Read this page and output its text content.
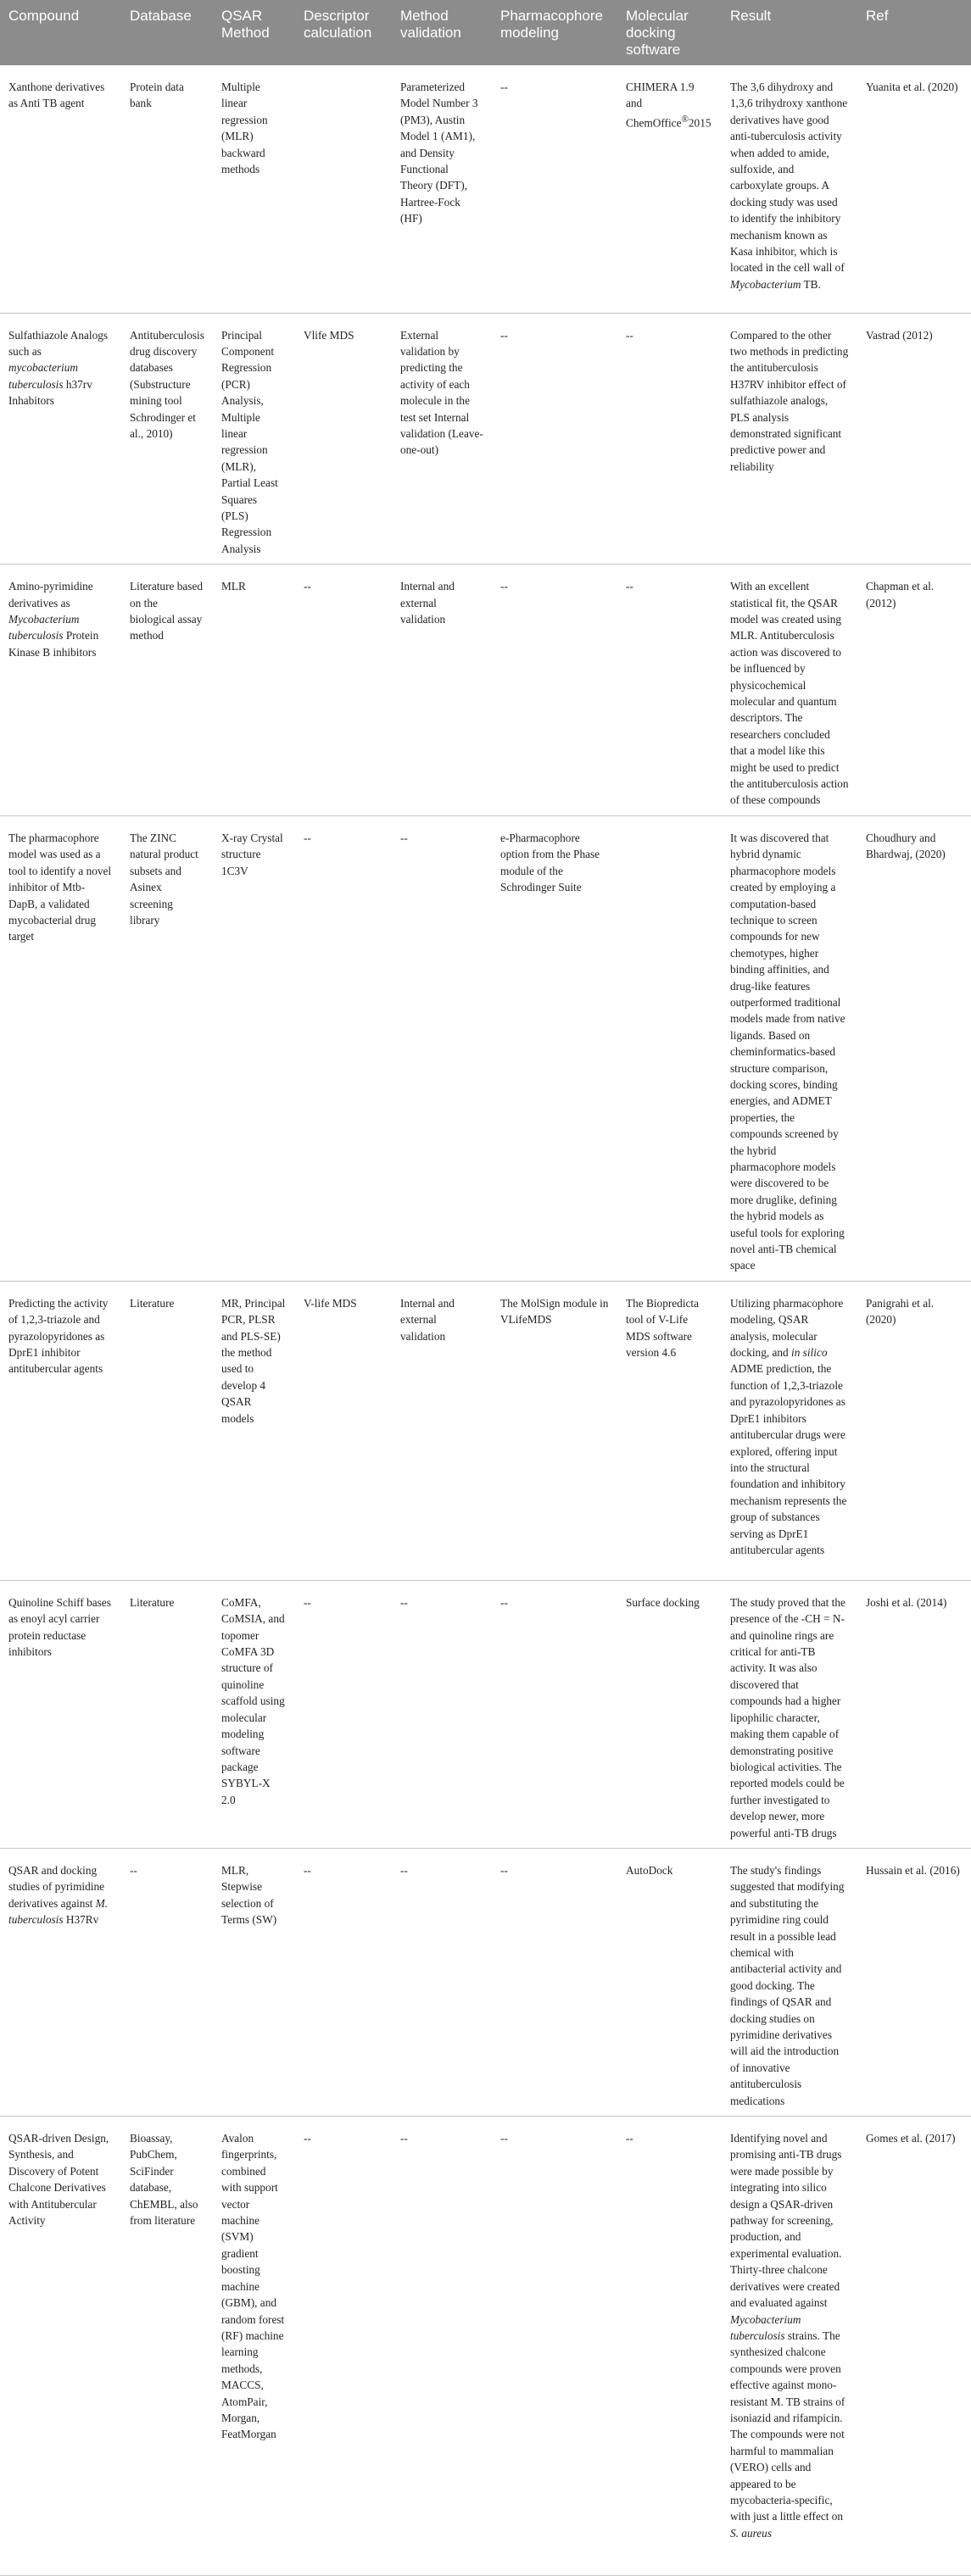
Compound	Database	QSAR Method	Descriptor calculation	Method validation	Pharmacophore modeling	Molecular docking software	Result	Ref
Xanthone derivatives as Anti TB agent	Protein data bank	Multiple linear regression (MLR) backward methods		Parameterized Model Number 3 (PM3), Austin Model 1 (AM1), and Density Functional Theory (DFT), Hartree-Fock (HF)	--	CHIMERA 1.9 and ChemOffice®2015	The 3,6 dihydroxy and 1,3,6 trihydroxy xanthone derivatives have good anti-tuberculosis activity when added to amide, sulfoxide, and carboxylate groups. A docking study was used to identify the inhibitory mechanism known as Kasa inhibitor, which is located in the cell wall of Mycobacterium TB.	Yuanita et al. (2020)
Sulfathiazole Analogs such as mycobacterium tuberculosis h37rv Inhabitors	Antituberculosis drug discovery databases (Substructure mining tool Schrodinger et al., 2010)	Principal Component Regression (PCR) Analysis, Multiple linear regression (MLR), Partial Least Squares (PLS) Regression Analysis	Vlife MDS	External validation by predicting the activity of each molecule in the test set Internal validation (Leave-one-out)	--	--	Compared to the other two methods in predicting the antituberculosis H37RV inhibitor effect of sulfathiazole analogs, PLS analysis demonstrated significant predictive power and reliability	Vastrad (2012)
Amino-pyrimidine derivatives as Mycobacterium tuberculosis Protein Kinase B inhibitors	Literature based on the biological assay method	MLR	--	Internal and external validation	--	--	With an excellent statistical fit, the QSAR model was created using MLR. Antituberculosis action was discovered to be influenced by physicochemical molecular and quantum descriptors. The researchers concluded that a model like this might be used to predict the antituberculosis action of these compounds	Chapman et al. (2012)
The pharmacophore model was used as a tool to identify a novel inhibitor of Mtb-DapB, a validated mycobacterial drug target	The ZINC natural product subsets and Asinex screening library	X-ray Crystal structure 1C3V	--	--	e-Pharmacophore option from the Phase module of the Schrodinger Suite		It was discovered that hybrid dynamic pharmacophore models created by employing a computation-based technique to screen compounds for new chemotypes, higher binding affinities, and drug-like features outperformed traditional models made from native ligands. Based on cheminformatics-based structure comparison, docking scores, binding energies, and ADMET properties, the compounds screened by the hybrid pharmacophore models were discovered to be more druglike, defining the hybrid models as useful tools for exploring novel anti-TB chemical space	Choudhury and Bhardwaj, (2020)
Predicting the activity of 1,2,3-triazole and pyrazolopyridones as DprE1 inhibitor antitubercular agents	Literature	MR, Principal PCR, PLSR and PLS-SE) the method used to develop 4 QSAR models	V-life MDS	Internal and external validation	The MolSign module in VLifeMDS	The Biopredicta tool of V-Life MDS software version 4.6	Utilizing pharmacophore modeling, QSAR analysis, molecular docking, and in silico ADME prediction, the function of 1,2,3-triazole and pyrazolopyridones as DprE1 inhibitors antitubercular drugs were explored, offering input into the structural foundation and inhibitory mechanism represents the group of substances serving as DprE1 antitubercular agents	Panigrahi et al. (2020)
Quinoline Schiff bases as enoyl acyl carrier protein reductase inhibitors	Literature	CoMFA, CoMSIA, and topomer CoMFA 3D structure of quinoline scaffold using molecular modeling software package SYBYL-X 2.0	--	--	--	Surface docking	The study proved that the presence of the -CH = N- and quinoline rings are critical for anti-TB activity. It was also discovered that compounds had a higher lipophilic character, making them capable of demonstrating positive biological activities. The reported models could be further investigated to develop newer, more powerful anti-TB drugs	Joshi et al. (2014)
QSAR and docking studies of pyrimidine derivatives against M. tuberculosis H37Rv	--	MLR, Stepwise selection of Terms (SW)	--	--	--	AutoDock	The study's findings suggested that modifying and substituting the pyrimidine ring could result in a possible lead chemical with antibacterial activity and good docking. The findings of QSAR and docking studies on pyrimidine derivatives will aid the introduction of innovative antituberculosis medications	Hussain et al. (2016)
QSAR-driven Design, Synthesis, and Discovery of Potent Chalcone Derivatives with Antitubercular Activity	Bioassay, PubChem, SciFinder database, ChEMBL, also from literature	Avalon fingerprints, combined with support vector machine (SVM) gradient boosting machine (GBM), and random forest (RF) machine learning methods, MACCS, AtomPair, Morgan, FeatMorgan	--	--	--	--	Identifying novel and promising anti-TB drugs were made possible by integrating into silico design a QSAR-driven pathway for screening, production, and experimental evaluation. Thirty-three chalcone derivatives were created and evaluated against Mycobacterium tuberculosis strains. The synthesized chalcone compounds were proven effective against mono-resistant M. TB strains of isoniazid and rifampicin. The compounds were not harmful to mammalian (VERO) cells and appeared to be mycobacteria-specific, with just a little effect on S. aureus	Gomes et al. (2017)
